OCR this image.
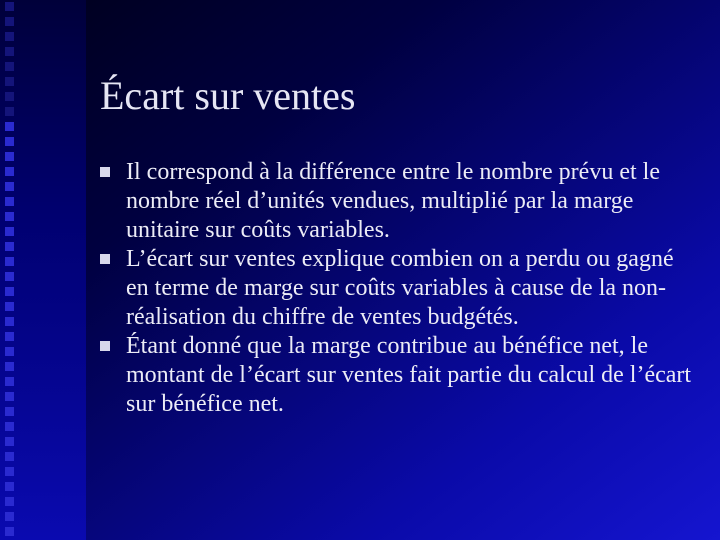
Écart sur ventes
Il correspond à la différence entre le nombre prévu et le nombre réel d’unités vendues, multiplié par la marge unitaire sur coûts variables.
L’écart sur ventes explique combien on a perdu ou gagné en terme de marge sur coûts variables à cause de la non-réalisation du chiffre de ventes budgétés.
Étant donné que la marge contribue au bénéfice net, le montant de l’écart sur ventes fait partie du calcul de l’écart sur bénéfice net.
